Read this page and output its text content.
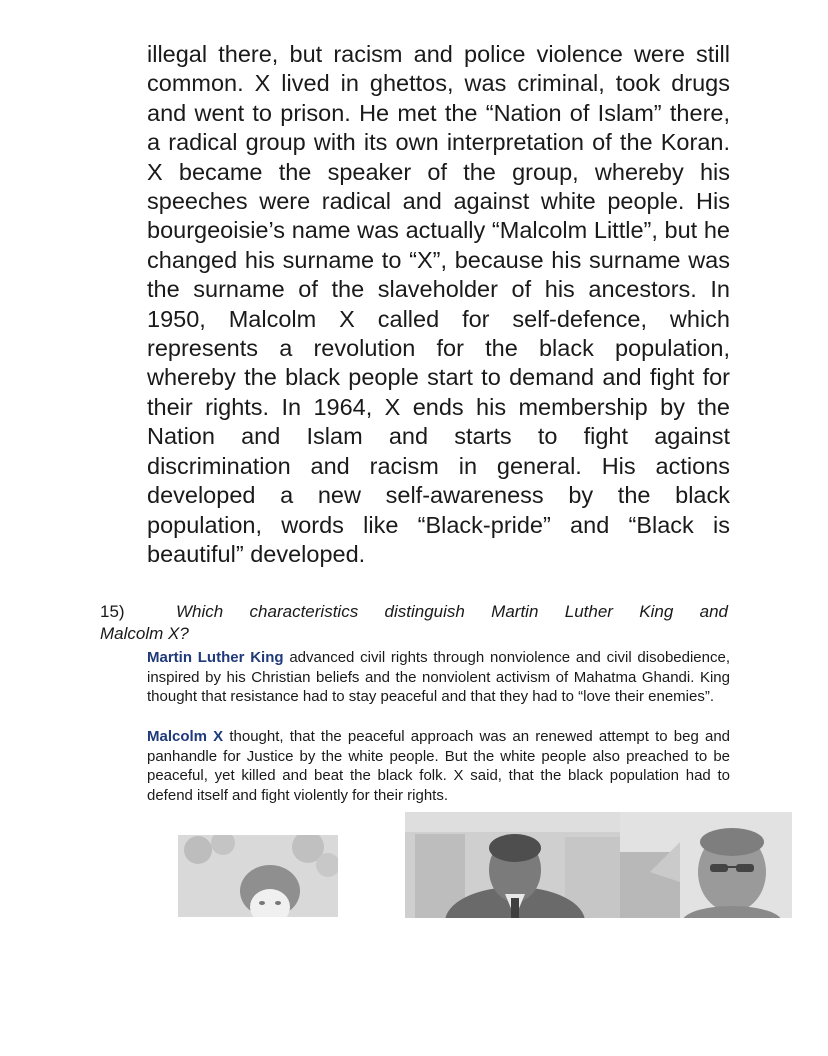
illegal there, but racism and police violence were still common. X lived in ghettos, was criminal, took drugs and went to prison. He met the “Nation of Islam” there, a radical group with its own interpretation of the Koran. X became the speaker of the group, whereby his speeches were radical and against white people. His bourgeoisie’s name was actually “Malcolm Little”, but he changed his surname to “X”, because his surname was the surname of the slaveholder of his ancestors. In 1950, Malcolm X called for self-defence, which represents a revolution for the black population, whereby the black people start to demand and fight for their rights. In 1964, X ends his membership by the Nation and Islam and starts to fight against discrimination and racism in general. His actions developed a new self-awareness by the black population, words like “Black-pride” and “Black is beautiful” developed.

15)	Which characteristics distinguish Martin Luther King and
Malcolm X?

Martin Luther King advanced civil rights through nonviolence and civil disobedience, inspired by his Christian beliefs and the nonviolent activism of Mahatma Ghandi. King thought that resistance had to stay peaceful and that they had to “love their enemies”.

Malcolm X thought, that the peaceful approach was an renewed attempt to beg and panhandle for Justice by the white people. But the white people also preached to be peaceful, yet killed and beat the black folk. X said, that the black population had to defend itself and fight violently for their rights.
